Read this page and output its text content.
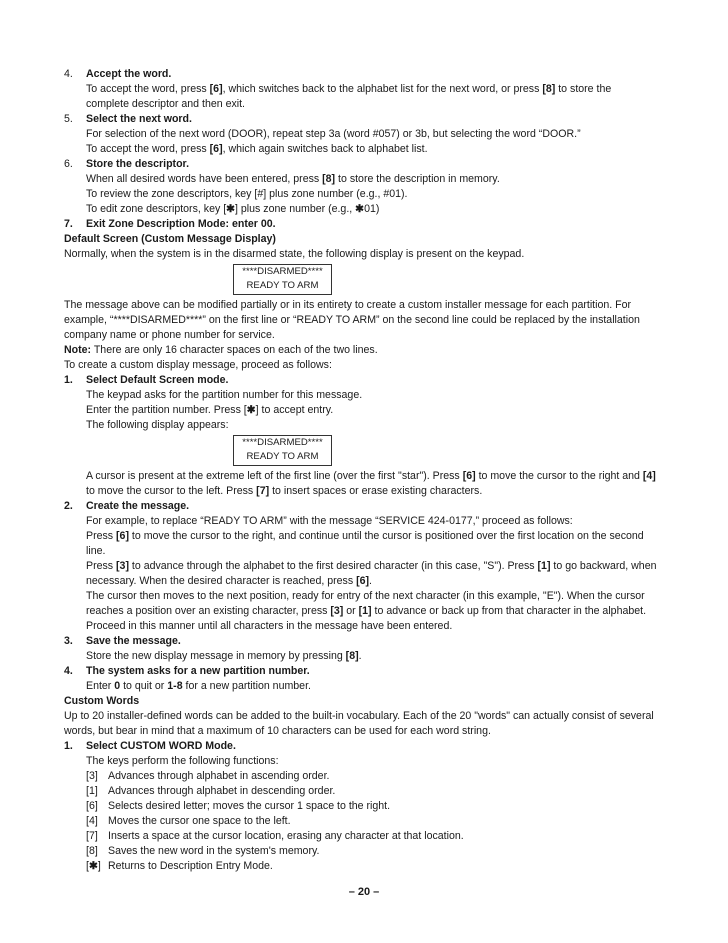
4. Accept the word.
To accept the word, press [6], which switches back to the alphabet list for the next word, or press [8] to store the
complete descriptor and then exit.
5. Select the next word.
For selection of the next word (DOOR), repeat step 3a (word #057) or 3b, but selecting the word “DOOR.”
To accept the word, press [6], which again switches back to alphabet list.
6. Store the descriptor.
When all desired words have been entered, press [8] to store the description in memory.
To review the zone descriptors, key [#] plus zone number (e.g., #01).
To edit zone descriptors, key [✱] plus zone number (e.g., ✱01)
7. Exit Zone Description Mode: enter 00.
Default Screen (Custom Message Display)
Normally, when the system is in the disarmed state, the following display is present on the keypad.
****DISARMED****
READY TO ARM
The message above can be modified partially or in its entirety to create a custom installer message for each partition. For
example, “****DISARMED****” on the first line or “READY TO ARM” on the second line could be replaced by the installation
company name or phone number for service.
Note: There are only 16 character spaces on each of the two lines.
To create a custom display message, proceed as follows:
1. Select Default Screen mode.
The keypad asks for the partition number for this message.
Enter the partition number. Press [✱] to accept entry.
The following display appears:
****DISARMED****
READY TO ARM
A cursor is present at the extreme left of the first line (over the first "star"). Press [6] to move the cursor to the right and [4]
to move the cursor to the left. Press [7] to insert spaces or erase existing characters.
2. Create the message.
For example, to replace “READY TO ARM” with the message “SERVICE 424-0177,” proceed as follows:
Press [6] to move the cursor to the right, and continue until the cursor is positioned over the first location on the second
line.
Press [3] to advance through the alphabet to the first desired character (in this case, "S"). Press [1] to go backward, when
necessary. When the desired character is reached, press [6].
The cursor then moves to the next position, ready for entry of the next character (in this example, "E"). When the cursor
reaches a position over an existing character, press [3] or [1] to advance or back up from that character in the alphabet.
Proceed in this manner until all characters in the message have been entered.
3. Save the message.
Store the new display message in memory by pressing [8].
4. The system asks for a new partition number.
Enter 0 to quit or 1-8 for a new partition number.
Custom Words
Up to 20 installer-defined words can be added to the built-in vocabulary. Each of the 20 "words" can actually consist of several
words, but bear in mind that a maximum of 10 characters can be used for each word string.
1. Select CUSTOM WORD Mode.
The keys perform the following functions:
[3] Advances through alphabet in ascending order.
[1] Advances through alphabet in descending order.
[6] Selects desired letter; moves the cursor 1 space to the right.
[4] Moves the cursor one space to the left.
[7] Inserts a space at the cursor location, erasing any character at that location.
[8] Saves the new word in the system's memory.
[✱] Returns to Description Entry Mode.
– 20 –
